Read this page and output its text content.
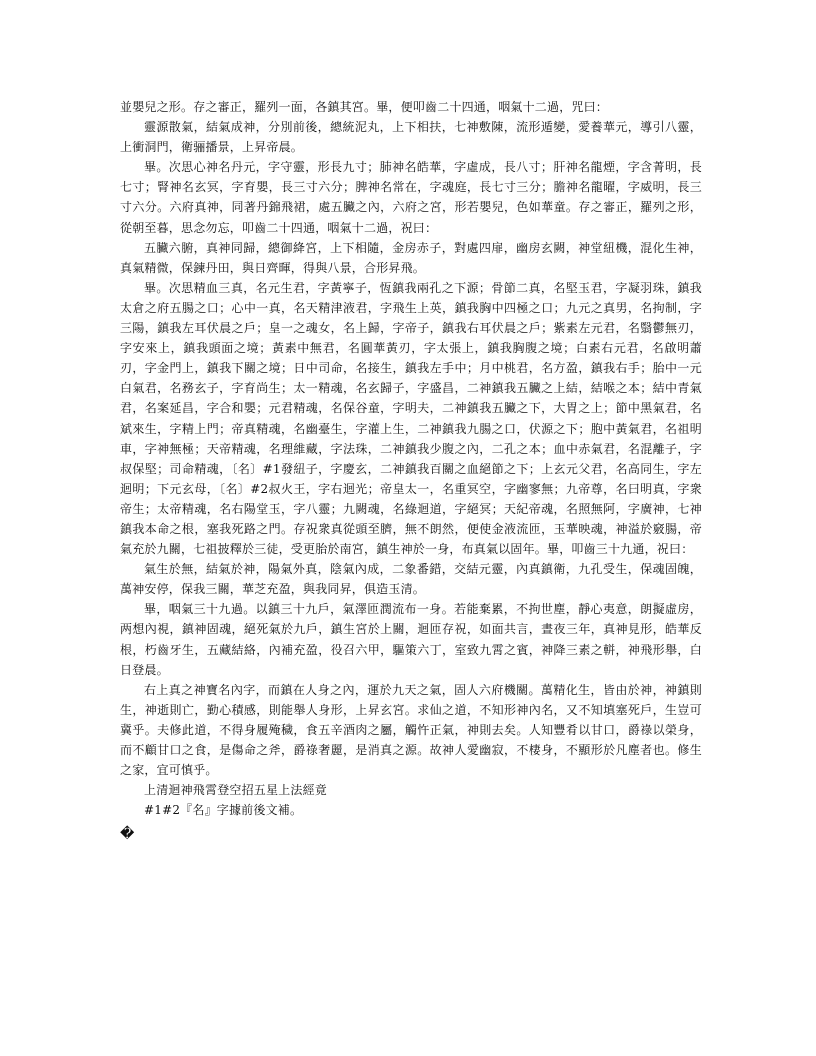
並嬰兒之形。存之審正，羅列一面，各鎮其宮。畢，便叩齒二十四通，咽氣十二過，咒曰：

靈源散氣，結氣成神，分別前後，總統泥丸，上下相扶，七神敷陳，流形遁變，愛養華元，導引八靈，上衝洞門，衛骊播景，上昇帝晨。

畢。次思心神名丹元，字守靈，形長九寸；肺神名皓華，字虛成，長八寸；肝神名龍煙，字含菁明，長七寸；腎神名玄冥，字育嬰，長三寸六分；脾神名常在，字魂庭，長七寸三分；膽神名龍曜，字威明，長三寸六分。六府真神，同著丹錦飛裙，處五臟之內，六府之宮，形若嬰兒，色如華童。存之審正，羅列之形，從朝至暮，思念勿忘，叩齒二十四通，咽氣十二過，祝曰：

五臟六腑，真神同歸，總御絳宮，上下相隨，金房赤子，對處四扉，幽房玄闕，神堂紐機，混化生神，真氣精微，保鍊丹田，與日齊暉，得與八景，合形昇飛。

畢。次思精血三真，名元生君，字黃寧子，恆鎮我兩孔之下源；骨節二真，名堅玉君，字凝羽珠，鎮我太倉之府五腸之口；心中一真，名天精津液君，字飛生上英，鎮我胸中四極之口；九元之真男，名拘制，字三陽，鎮我左耳伏晨之戶；皇一之魂女，名上歸，字帝子，鎮我右耳伏晨之戶；紫素左元君，名翳鬱無刃，字安來上，鎮我頭面之境；黃素中無君，名圓華黃刃，字太張上，鎮我胸腹之境；白素右元君，名啟明蕭刃，字金門上，鎮我下關之境；日中司命，名接生，鎮我左手中；月中桃君，名方盈，鎮我右手；胎中一元白氣君，名務玄子，字育尚生；太一精魂，名玄歸子，字盛昌，二神鎮我五臟之上結，結喉之本；結中青氣君，名案延昌，字合和嬰；元君精魂，名保谷童，字明夫，二神鎮我五臟之下，大胃之上；節中黑氣君，名斌來生，字精上門；帝真精魂，名幽臺生，字灌上生，二神鎮我九腸之口，伏源之下；胞中黃氣君，名祖明車，字神無極；天帝精魂，名理維藏，字法珠，二神鎮我少腹之內，二孔之本；血中赤氣君，名混離子，字叔保堅；司命精魂，〔名〕#1發紐子，字慶玄，二神鎮我百關之血絕節之下；上玄元父君，名高同生，字左迴明；下元玄母，〔名〕#2叔火王，字右迴光；帝皇太一，名重冥空，字幽寥無；九帝尊，名曰明真，字衆帝生；太帝精魂，名右陽堂玉，字八靈；九闕魂，名綠迴道，字絕冥；天紀帝魂，名照無阿，字廣神，七神鎮我本命之根，塞我死路之門。存祝衆真從頭至臍，無不朗然，便使金液流匝，玉華映魂，神溢於竅腸，帝氣充於九關，七祖披釋於三徒，受更胎於南宮，鎮生神於一身，布真氣以固年。畢，叩齒三十九通，祝曰：

氣生於無，結氣於神，陽氣外真，陰氣內成，二象番錯，交結元靈，內真鎮衛，九孔受生，保魂固魄，萬神安停，保我三關，華芝充盈，與我同昇，俱造玉清。

畢，咽氣三十九過。以鎮三十九戶，氣澤匝潤流布一身。若能棄累，不拘世塵，靜心夷意，朗擬虛房，两想內視，鎮神固魂，絕死氣於九戶，鎮生宮於上關，迴匝存祝，如面共言，晝夜三年，真神見形，皓華反根，朽齒牙生，五藏結絡，內補充盈，役召六甲，驅策六丁，室致九霄之賓，神降三素之軿，神飛形舉，白日登晨。

右上真之神寶名內字，而鎮在人身之內，運於九天之氣，固人六府機關。萬精化生，皆由於神，神鎮則生，神逝則亡，勤心積感，則能舉人身形，上昇玄宮。求仙之道，不知形神內名，又不知填塞死戶，生豈可冀乎。夫修此道，不得身履殗穢，食五辛酒肉之屬，觸忤正氣，神則去矣。人知豐肴以甘口，爵祿以榮身，而不顧甘口之食，是傷命之斧，爵祿奢麗，是消真之源。故神人愛幽寂，不棲身，不顯形於凡塵者也。修生之家，宜可慎乎。

上清迴神飛霄登空招五星上法經竟

#1#2『名』字據前後文補。

�
